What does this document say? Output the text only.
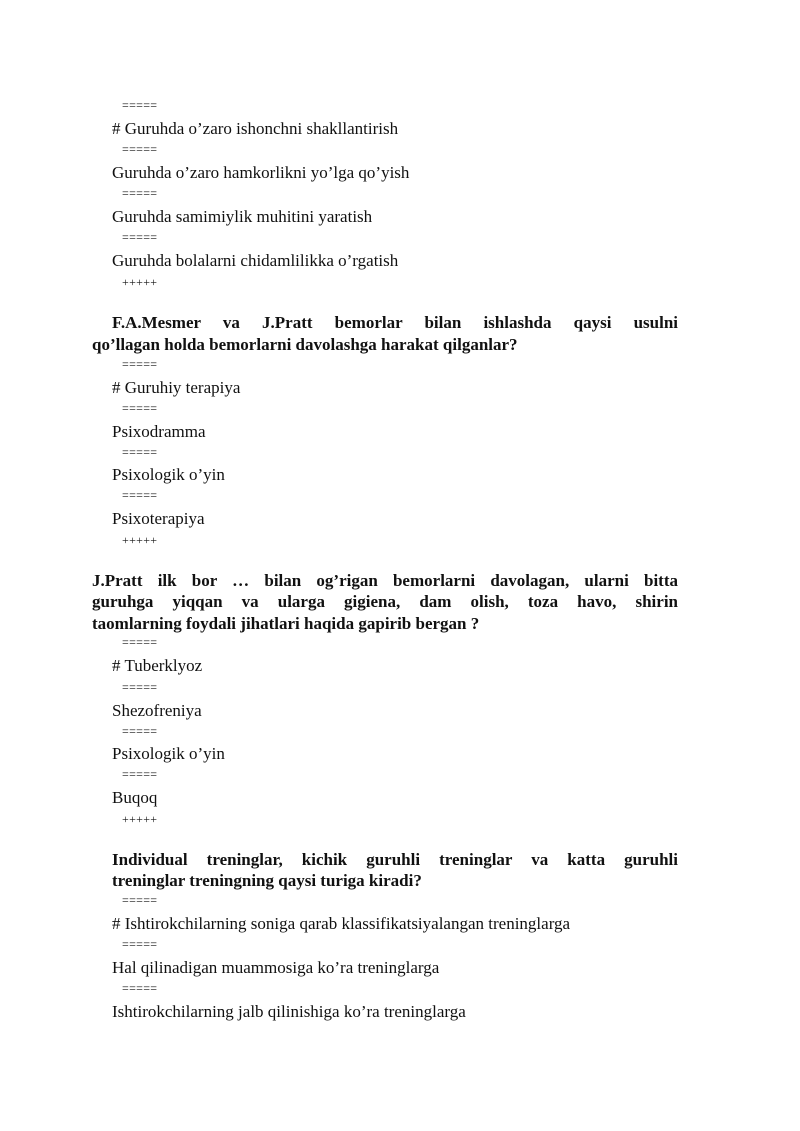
=====
# Guruhda o’zaro ishonchni shakllantirish
=====
Guruhda o’zaro hamkorlikni yo’lga qo’yish
=====
Guruhda samimiylik muhitini yaratish
=====
Guruhda bolalarni chidamlilikka o’rgatish
+++++
F.A.Mesmer va J.Pratt bemorlar bilan ishlashda qaysi usulni
qo’llagan holda bemorlarni davolashga harakat qilganlar?
=====
# Guruhiy terapiya
=====
Psixodramma
=====
Psixologik o’yin
=====
Psixoterapiya
+++++
J.Pratt ilk bor … bilan og’rigan bemorlarni davolagan, ularni bitta
guruhga yiqqan va ularga gigiena, dam olish, toza havo, shirin
taomlarning foydali jihatlari haqida gapirib bergan ?
=====
# Tuberklyoz
=====
Shezofreniya
=====
Psixologik o’yin
=====
Buqoq
+++++
Individual treninglar, kichik guruhli treninglar va katta guruhli
treninglar treningning qaysi turiga kiradi?
=====
# Ishtirokchilarning soniga qarab klassifikatsiyalangan treninglarga
=====
Hal qilinadigan muammosiga ko’ra treninglarga
=====
Ishtirokchilarning jalb qilinishiga ko’ra treninglarga
